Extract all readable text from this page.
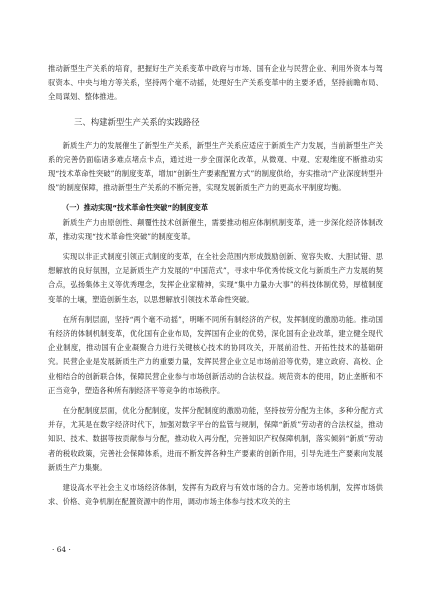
推动新型生产关系的培育，把握好生产关系变革中政府与市场、国有企业与民营企业、利用外资本与驾驭资本、中央与地方等关系，坚持两个毫不动摇，处理好生产关系变革中的主要矛盾，坚持前瞻布局、全局谋划、整体推进。

三、构建新型生产关系的实践路径

新质生产力的发展催生了新型生产关系，新型生产关系应适应于新质生产力发展，当前新型生产关系的完善仍面临诸多难点堵点卡点，通过进一步全面深化改革，从微观、中观、宏观维度不断推动实现“技术革命性突破”的制度变革，增加“创新生产要素配置方式”的制度供给，夯实推动“产业深度转型升级”的制度保障，推动新型生产关系的不断完善，实现发展新质生产力的更高水平制度均衡。

（一）推动实现“技术革命性突破”的制度变革

新质生产力由原创性、颠覆性技术创新催生，需要推动相应体制机制变革，进一步深化经济体制改革，推动实现“技术革命性突破”的制度变革。

实现以非正式制度引领正式制度的变革，在全社会范围内形成鼓励创新、宽容失败、大胆试错、思想解放的良好氛围，立足新质生产力发展的“中国范式”，寻求中华优秀传统文化与新质生产力发展的契合点，弘扬集体主义等优秀理念，发挥企业家精神，实现“集中力量办大事”的科技体制优势，厚植制度变革的土壤，塑造创新生态，以思想解放引领技术革命性突破。

在所有制层面，坚持“两个毫不动摇”，明晰不同所有制经济的产权，发挥制度的激励功能。推动国有经济的体制机制变革，优化国有企业布局，发挥国有企业的优势，深化国有企业改革，建立健全现代企业制度，推动国有企业凝聚合力进行关键核心技术的协同攻关，开展前沿性、开拓性技术的基础研究。民营企业是发展新质生产力的重要力量，发挥民营企业立足市场前沿等优势，建立政府、高校、企业相结合的创新联合体，保障民营企业参与市场创新活动的合法权益。规范资本的使用，防止垄断和不正当竞争，塑造各种所有制经济平等竞争的市场秩序。

在分配制度层面，优化分配制度，发挥分配制度的激励功能，坚持按劳分配为主体，多种分配方式并存，尤其是在数字经济时代下，加强对数字平台的监管与规制，保障“新质”劳动者的合法权益，推动知识、技术、数据等按贡献参与分配，推动收入再分配，完善知识产权保障机制，落实倾斜“新质”劳动者的税收政策，完善社会保障体系，进而不断发挥各种生产要素的创新作用，引导先进生产要素向发展新质生产力集聚。

建设高水平社会主义市场经济体制，发挥有为政府与有效市场的合力。完善市场机制，发挥市场供求、价格、竞争机制在配置资源中的作用，调动市场主体参与技术攻关的主

· 64 ·
